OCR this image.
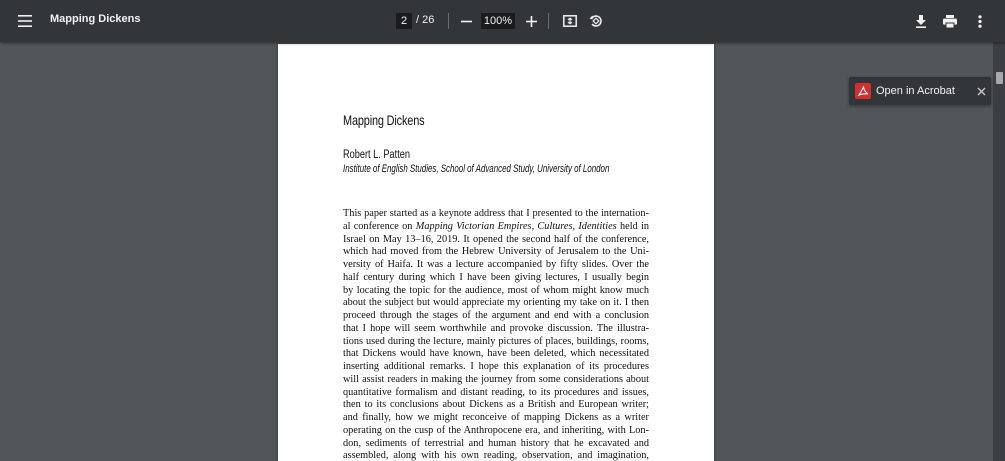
Mapping Dickens	2 / 26	100%
Mapping Dickens
Robert L. Patten
Institute of English Studies, School of Advanced Study, University of London
This paper started as a keynote address that I presented to the internation-
al conference on Mapping Victorian Empires, Cultures, Identities held in
Israel on May 13–16, 2019. It opened the second half of the conference,
which had moved from the Hebrew University of Jerusalem to the Uni-
versity of Haifa. It was a lecture accompanied by fifty slides. Over the
half century during which I have been giving lectures, I usually begin
by locating the topic for the audience, most of whom might know much
about the subject but would appreciate my orienting my take on it. I then
proceed through the stages of the argument and end with a conclusion
that I hope will seem worthwhile and provoke discussion. The illustra-
tions used during the lecture, mainly pictures of places, buildings, rooms,
that Dickens would have known, have been deleted, which necessitated
inserting additional remarks. I hope this explanation of its procedures
will assist readers in making the journey from some considerations about
quantitative formalism and distant reading, to its procedures and issues,
then to its conclusions about Dickens as a British and European writer;
and finally, how we might reconceive of mapping Dickens as a writer
operating on the cusp of the Anthropocene era, and inheriting, with Lon-
don, sediments of terrestrial and human history that he excavated and
assembled, along with his own reading, observation, and imagination,
Open in Acrobat
